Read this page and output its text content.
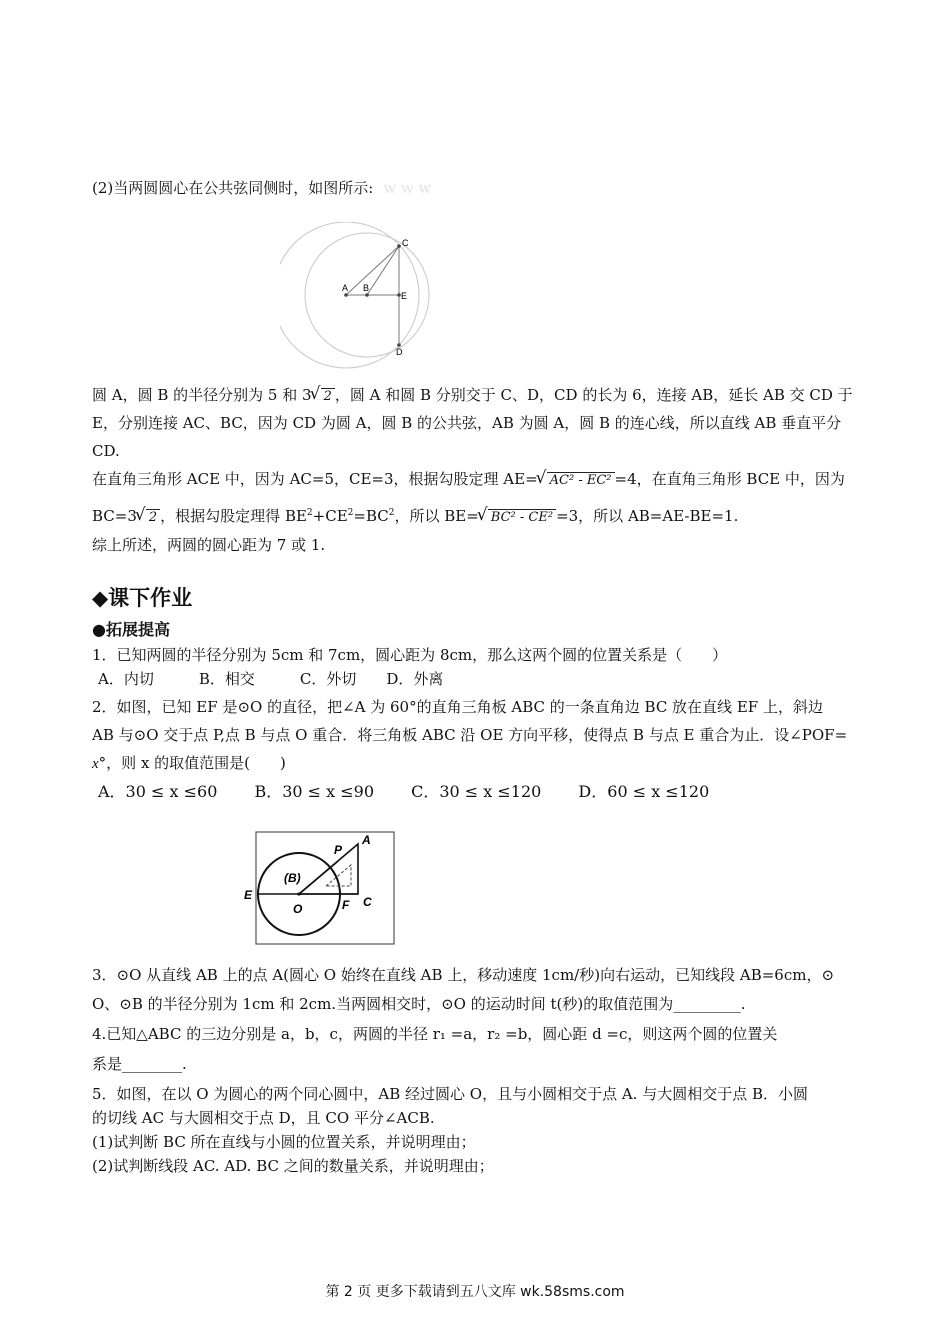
(2)当两圆圆心在公共弦同侧时，如图所示: w w w
A B
C
E
D
圆 A，圆 B 的半径分别为 5 和 3 √ 2 ，圆 A 和圆 B 分别交于 C、D，CD 的长为 6，连接 AB，延长 AB 交 CD 于
E，分别连接 AC、BC，因为 CD 为圆 A，圆 B 的公共弦，AB 为圆 A，圆 B 的连心线，所以直线 AB 垂直平分
CD.
在直角三角形 ACE 中，因为 AC=5，CE=3，根据勾股定理 AE= √ AC² - EC² =4，在直角三角形 BCE 中，因为
BC=3 √ 2 ，根据勾股定理得 $BE^2+CE^2=BC^2$，所以 BE= √ BC² - CE² =3，所以 AB=AE-BE=1.
综上所述，两圆的圆心距为 7 或 1.
◆课下作业
●拓展提高
1．已知两圆的半径分别为 5cm 和 7cm，圆心距为 8cm，那么这两个圆的位置关系是（　　）
A．内切　　　B．相交　　　C．外切　　D．外离
2．如图，已知 EF 是⊙O 的直径，把∠A 为 60°的直角三角板 ABC 的一条直角边 BC 放在直线 EF 上，斜边
AB 与⊙O 交于点 P,点 B 与点 O 重合．将三角板 ABC 沿 OE 方向平移，使得点 B 与点 E 重合为止．设∠POF=
x°，则 x 的取值范围是(　　)
A．30 ≤ x ≤60　　 B．30 ≤ x ≤90　　 C．30 ≤ x ≤120　　 D．60 ≤ x ≤120
E
O
(B)
P
A
F C
3．⊙O 从直线 AB 上的点 A(圆心 O 始终在直线 AB 上，移动速度 1cm/秒)向右运动，已知线段 AB=6cm，⊙
O、⊙B 的半径分别为 1cm 和 2cm.当两圆相交时，⊙O 的运动时间 t(秒)的取值范围为_________.
4.已知△ABC 的三边分别是 a，b，c，两圆的半径 r₁ =a，r₂ =b，圆心距 d =c，则这两个圆的位置关
系是________.
5．如图，在以 O 为圆心的两个同心圆中，AB 经过圆心 O，且与小圆相交于点 A. 与大圆相交于点 B．小圆
的切线 AC 与大圆相交于点 D，且 CO 平分∠ACB.
(1)试判断 BC 所在直线与小圆的位置关系，并说明理由；
(2)试判断线段 AC. AD. BC 之间的数量关系，并说明理由；
第 2 页 更多下载请到五八文库 wk.58sms.com
